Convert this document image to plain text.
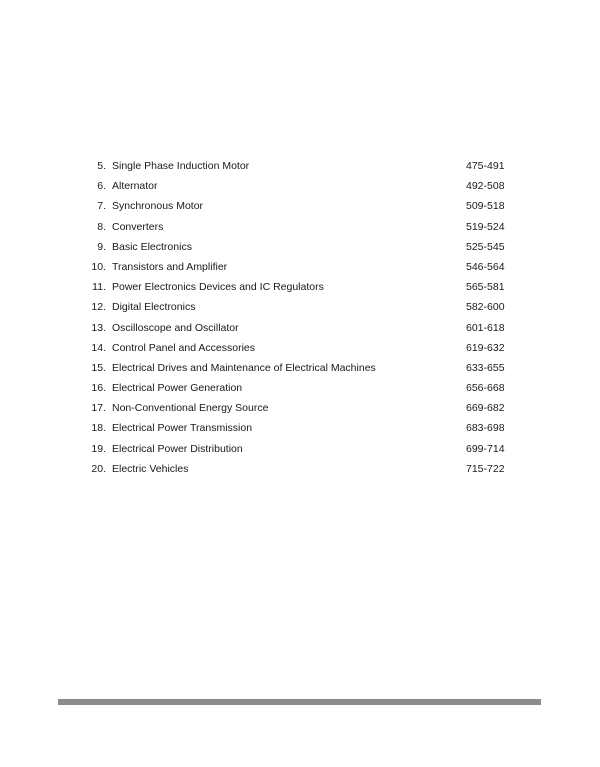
5. Single Phase Induction Motor	475-491
6. Alternator	492-508
7. Synchronous Motor	509-518
8. Converters	519-524
9. Basic Electronics	525-545
10. Transistors and Amplifier	546-564
11. Power Electronics Devices and IC Regulators	565-581
12. Digital Electronics	582-600
13. Oscilloscope and Oscillator	601-618
14. Control Panel and Accessories	619-632
15. Electrical Drives and Maintenance of Electrical Machines	633-655
16. Electrical Power Generation	656-668
17. Non-Conventional Energy Source	669-682
18. Electrical Power Transmission	683-698
19. Electrical Power Distribution	699-714
20. Electric Vehicles	715-722
